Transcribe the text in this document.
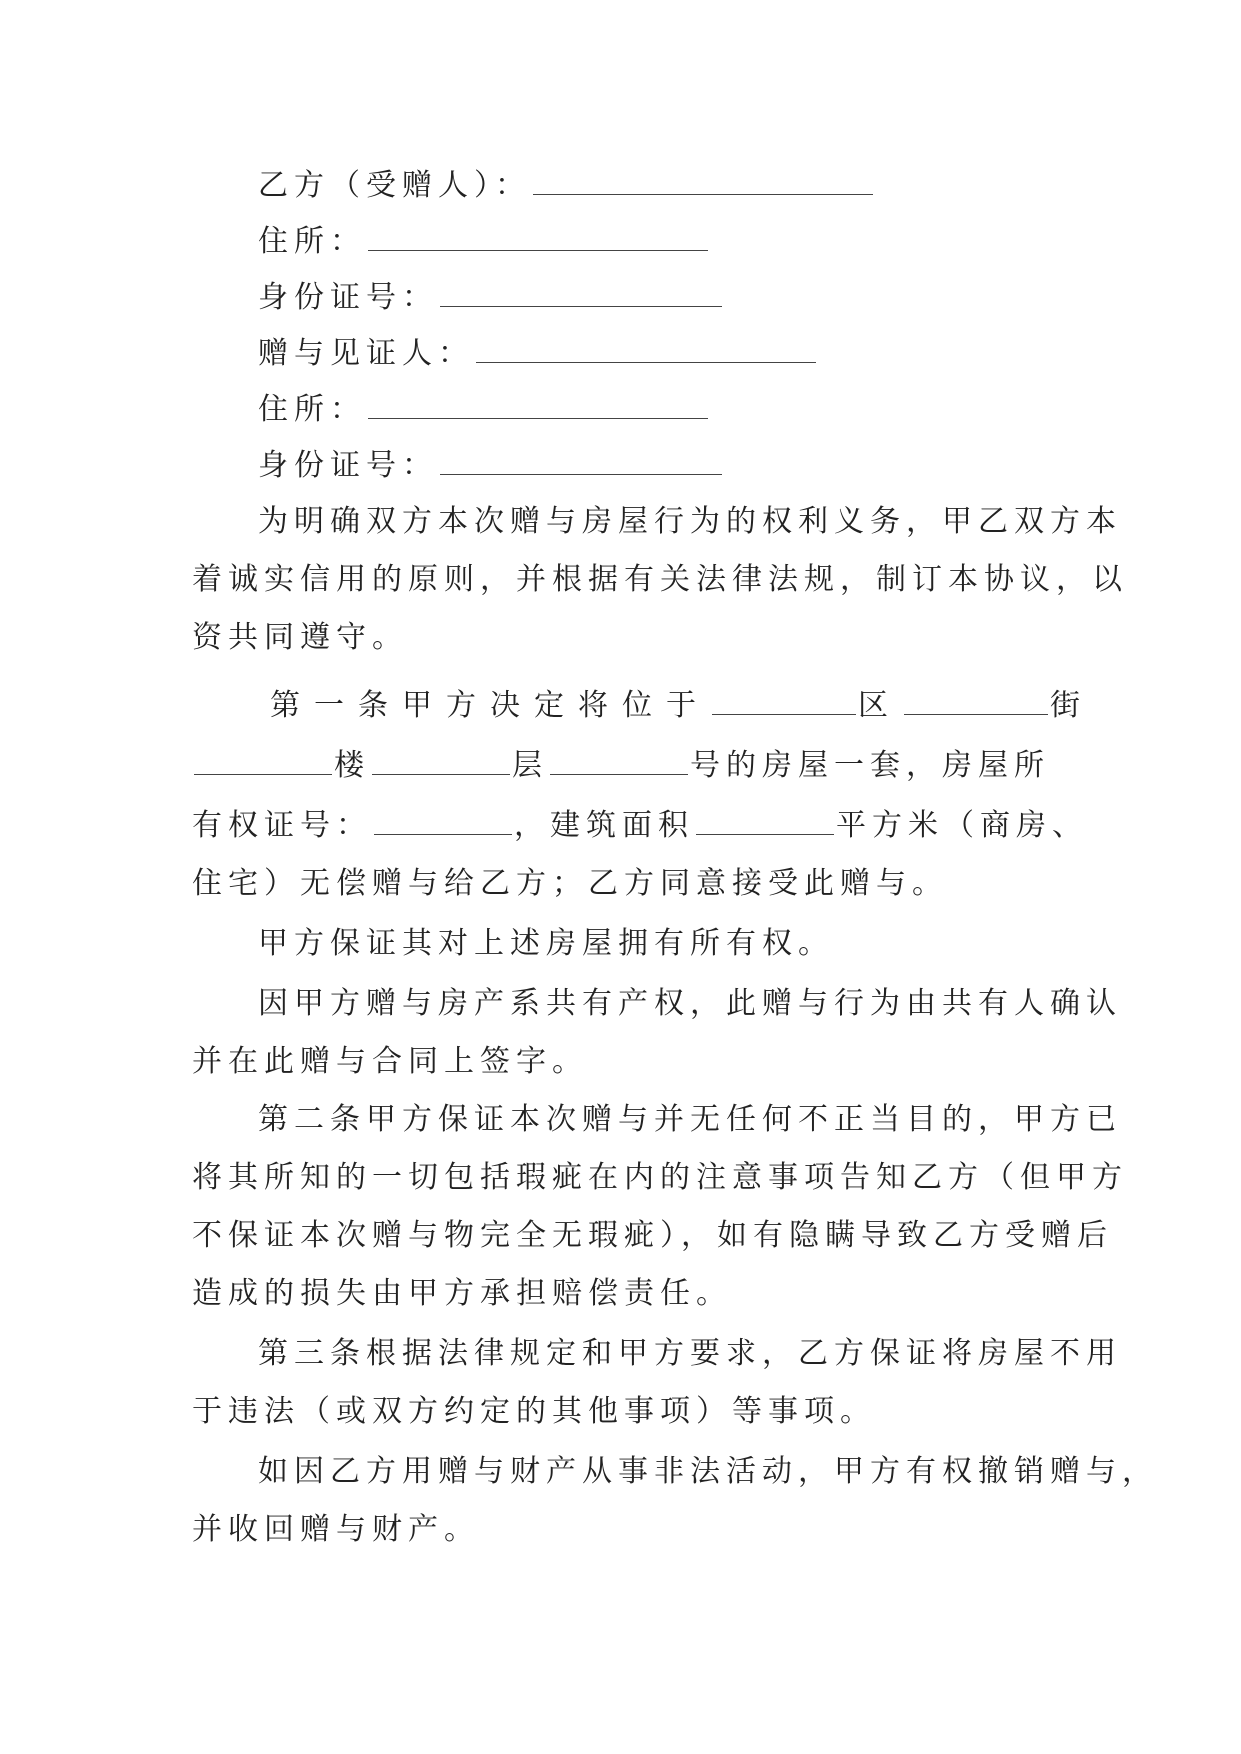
乙方（受赠人）：
住所：
身份证号：
赠与见证人：
住所：
身份证号：
为明确双方本次赠与房屋行为的权利义务，甲乙双方本
着诚实信用的原则，并根据有关法律法规，制订本协议，以
资共同遵守。
第一条甲方决定将位于	区	街
楼	层	号的房屋一套，房屋所
有权证号：	，建筑面积	平方米（商房、
住宅）无偿赠与给乙方；乙方同意接受此赠与。
甲方保证其对上述房屋拥有所有权。
因甲方赠与房产系共有产权，此赠与行为由共有人确认
并在此赠与合同上签字。
第二条甲方保证本次赠与并无任何不正当目的，甲方已
将其所知的一切包括瑕疵在内的注意事项告知乙方（但甲方
不保证本次赠与物完全无瑕疵），如有隐瞒导致乙方受赠后
造成的损失由甲方承担赔偿责任。
第三条根据法律规定和甲方要求，乙方保证将房屋不用
于违法（或双方约定的其他事项）等事项。
如因乙方用赠与财产从事非法活动，甲方有权撤销赠与，
并收回赠与财产。
